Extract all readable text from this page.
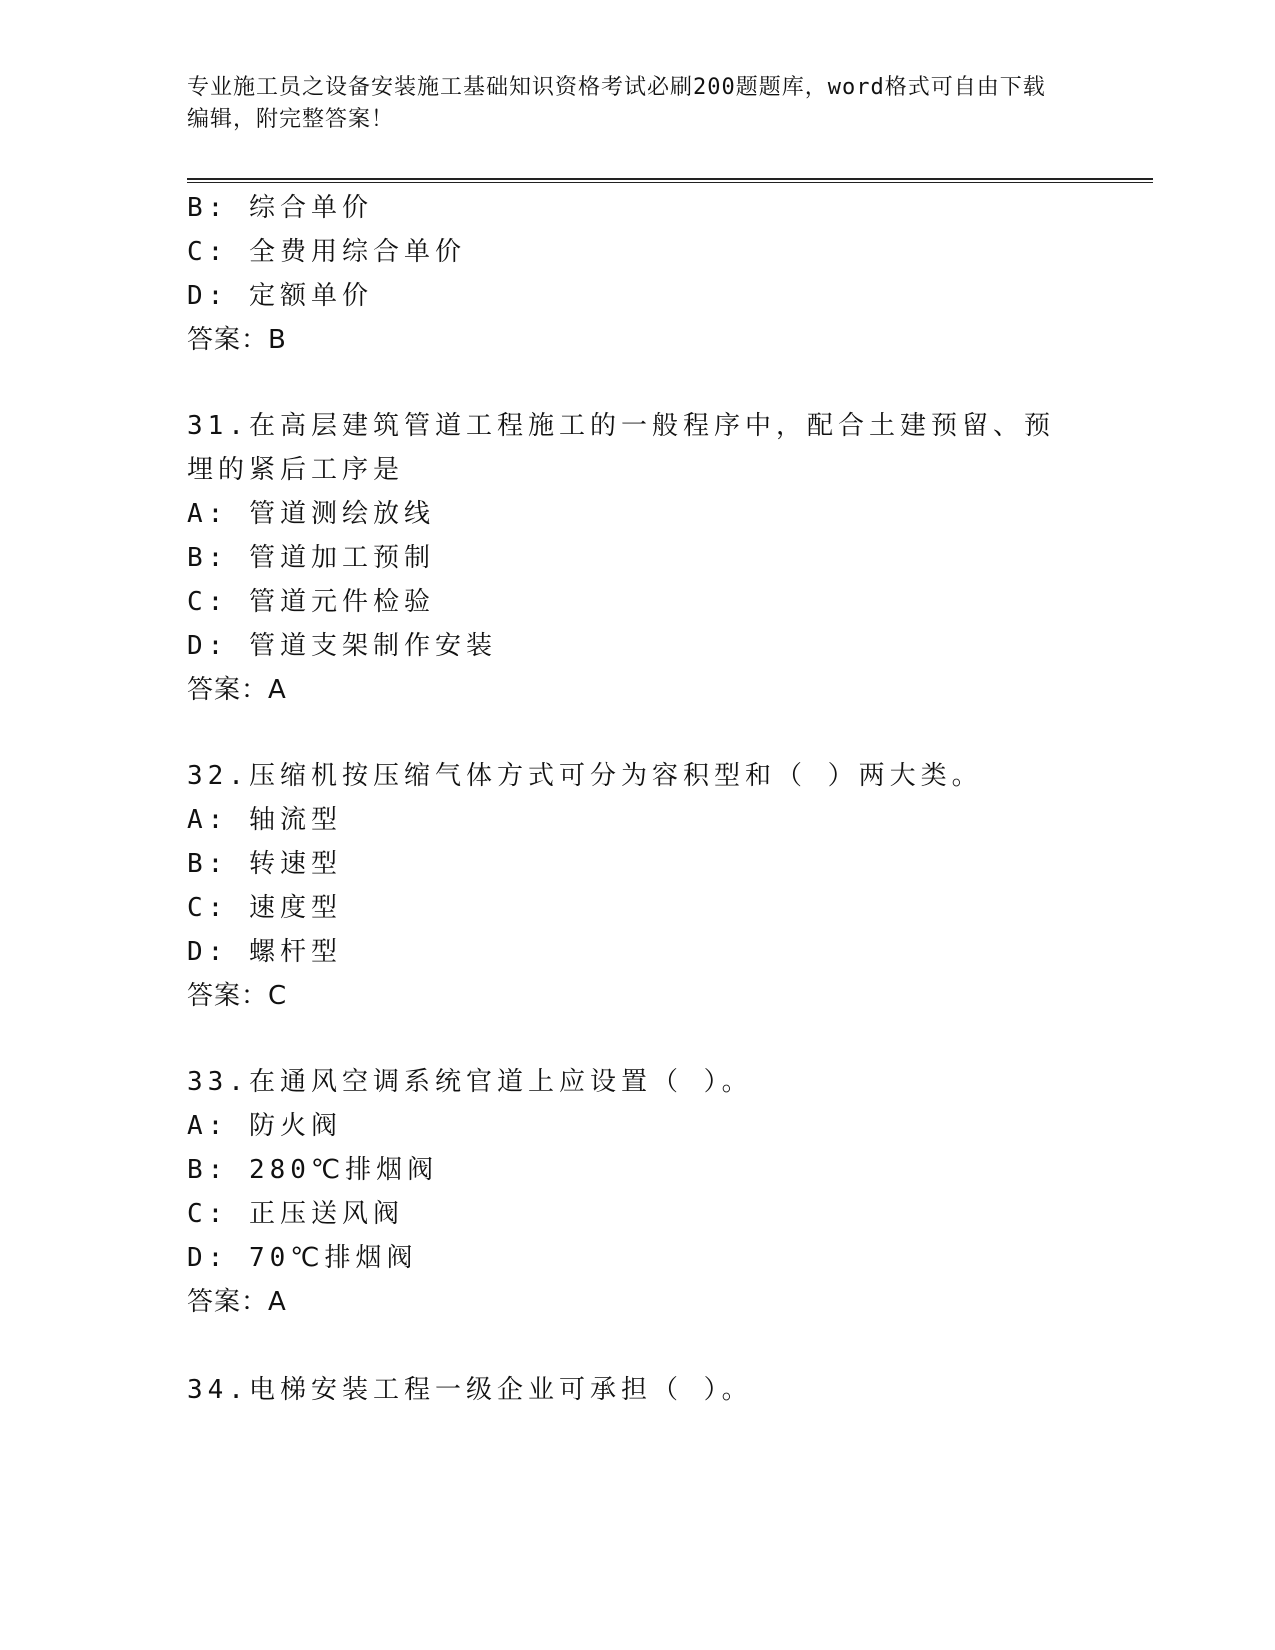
专业施工员之设备安装施工基础知识资格考试必刷200题题库，word格式可自由下载编辑，附完整答案！
B: 综合单价
C: 全费用综合单价
D: 定额单价
答案：B
31.在高层建筑管道工程施工的一般程序中，配合土建预留、预埋的紧后工序是
A: 管道测绘放线
B: 管道加工预制
C: 管道元件检验
D: 管道支架制作安装
答案：A
32.压缩机按压缩气体方式可分为容积型和（ ）两大类。
A: 轴流型
B: 转速型
C: 速度型
D: 螺杆型
答案：C
33.在通风空调系统官道上应设置（ ）。
A: 防火阀
B: 280℃排烟阀
C: 正压送风阀
D: 70℃排烟阀
答案：A
34.电梯安装工程一级企业可承担（ ）。
